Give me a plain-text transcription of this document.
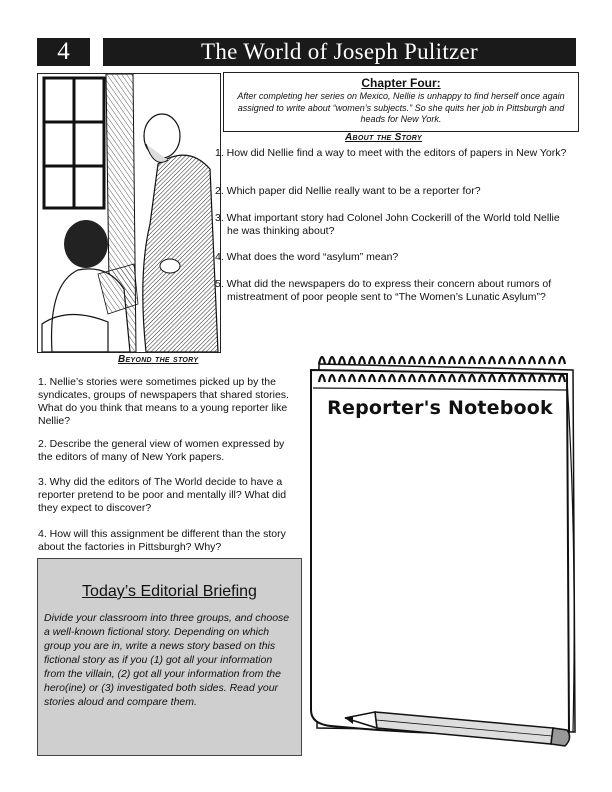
4	The World of Joseph Pulitzer
Chapter Four:
After completing her series on Mexico, Nellie is unhappy to find herself once again assigned to write about “women’s subjects.” So she quits her job in Pittsburgh and heads for New York.
About the Story
1. How did Nellie find a way to meet with the editors of papers in New York?
2. Which paper did Nellie really want to be a reporter for?
3. What important story had Colonel John Cockerill of the World told Nellie he was thinking about?
4. What does the word “asylum” mean?
5. What did the newspapers do to express their concern about rumors of mistreatment of poor people sent to “The Women’s Lunatic Asylum”?
Beyond the story
1. Nellie’s stories were sometimes picked up by the syndicates, groups of newspapers that shared stories. What do you think that means to a young reporter like Nellie?
2. Describe the general view of women expressed by the editors of many of New York papers.
3. Why did the editors of The World decide to have a reporter pretend to be poor and mentally ill? What did they expect to discover?
4. How will this assignment be different than the story about the factories in Pittsburgh? Why?
Today’s Editorial Briefing
Divide your classroom into three groups, and choose a well-known fictional story. Depending on which group you are in, write a news story based on this fictional story as if you (1) got all your information from the villain, (2) got all your information from the hero(ine) or (3) investigated both sides. Read your stories aloud and compare them.
Reporter's Notebook
